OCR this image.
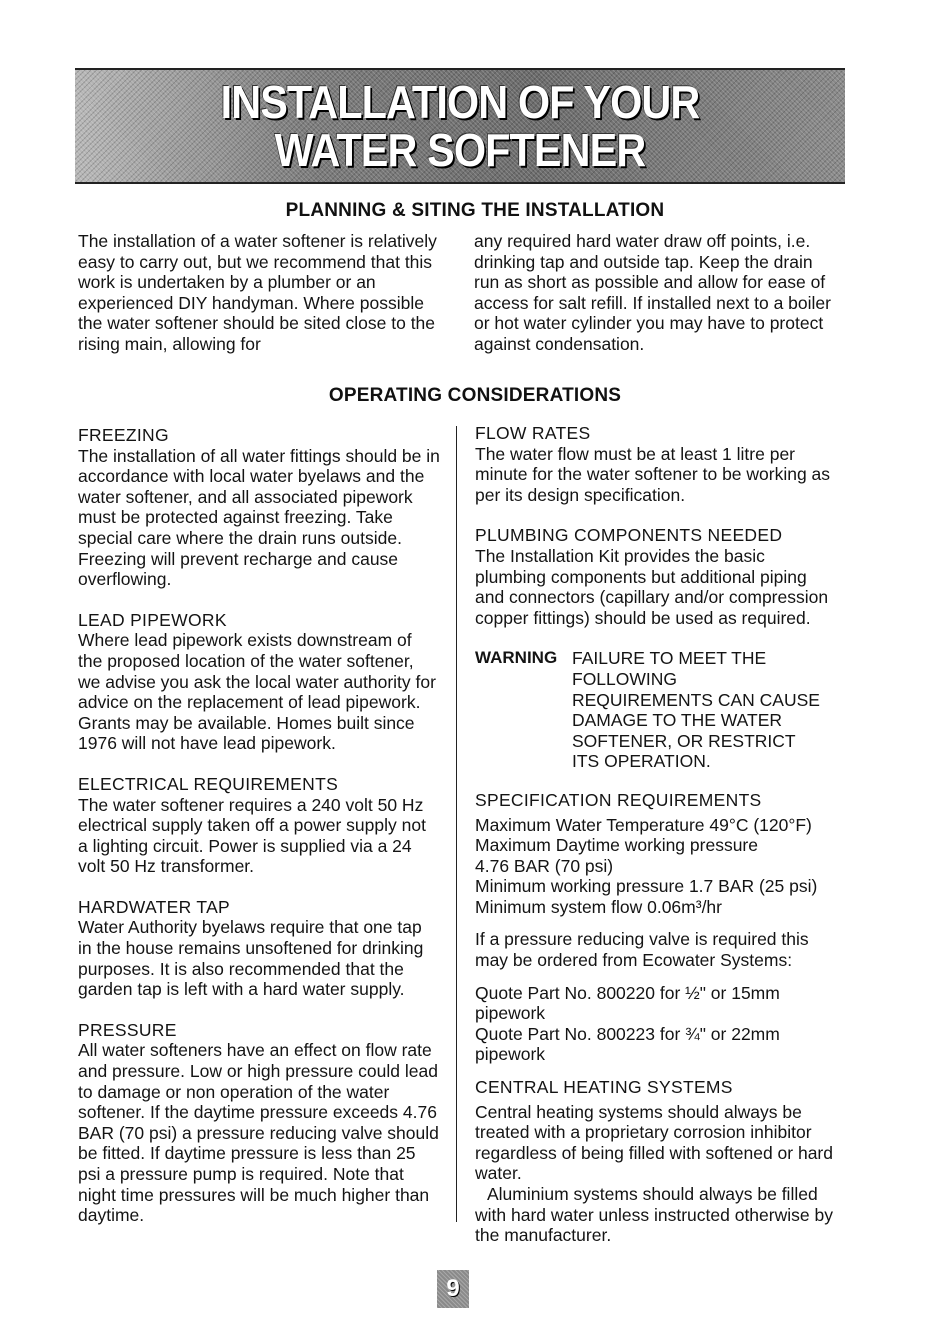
INSTALLATION OF YOUR
WATER SOFTENER
PLANNING & SITING THE INSTALLATION

The installation of a water softener is relatively easy to carry out, but we recommend that this work is undertaken by a plumber or an experienced DIY handyman. Where possible the water softener should be sited close to the rising main, allowing for

any required hard water draw off points, i.e. drinking tap and outside tap. Keep the drain run as short as possible and allow for ease of access for salt refill. If installed next to a boiler or hot water cylinder you may have to protect against condensation.

OPERATING CONSIDERATIONS

FREEZING

The installation of all water fittings should be in accordance with local water byelaws and the water softener, and all associated pipework must be protected against freezing. Take special care where the drain runs outside. Freezing will prevent recharge and cause overflowing.

LEAD PIPEWORK

Where lead pipework exists downstream of the proposed location of the water softener, we advise you ask the local water authority for advice on the replacement of lead pipework. Grants may be available. Homes built since 1976 will not have lead pipework.

ELECTRICAL REQUIREMENTS

The water softener requires a 240 volt 50 Hz electrical supply taken off a power supply not a lighting circuit. Power is supplied via a 24 volt 50 Hz transformer.

HARDWATER TAP

Water Authority byelaws require that one tap in the house remains unsoftened for drinking purposes. It is also recommended that the garden tap is left with a hard water supply.

PRESSURE

All water softeners have an effect on flow rate and pressure. Low or high pressure could lead to damage or non operation of the water softener. If the daytime pressure exceeds 4.76 BAR (70 psi) a pressure reducing valve should be fitted. If daytime pressure is less than 25 psi a pressure pump is required. Note that night time pressures will be much higher than daytime.

FLOW RATES

The water flow must be at least 1 litre per minute for the water softener to be working as per its design specification.

PLUMBING COMPONENTS NEEDED

The Installation Kit provides the basic plumbing components but additional piping and connectors (capillary and/or compression copper fittings) should be used as required.

WARNING FAILURE TO MEET THE FOLLOWING REQUIREMENTS CAN CAUSE DAMAGE TO THE WATER SOFTENER, OR RESTRICT ITS OPERATION.

SPECIFICATION REQUIREMENTS

Maximum Water Temperature 49°C (120°F)

Maximum Daytime working pressure

4.76 BAR (70 psi)

Minimum working pressure 1.7 BAR (25 psi)

Minimum system flow 0.06m³/hr

If a pressure reducing valve is required this may be ordered from Ecowater Systems:

Quote Part No. 800220 for ½" or 15mm pipework

Quote Part No. 800223 for ¾" or 22mm pipework

CENTRAL HEATING SYSTEMS

Central heating systems should always be treated with a proprietary corrosion inhibitor regardless of being filled with softened or hard water.

Aluminium systems should always be filled with hard water unless instructed otherwise by the manufacturer.

9
